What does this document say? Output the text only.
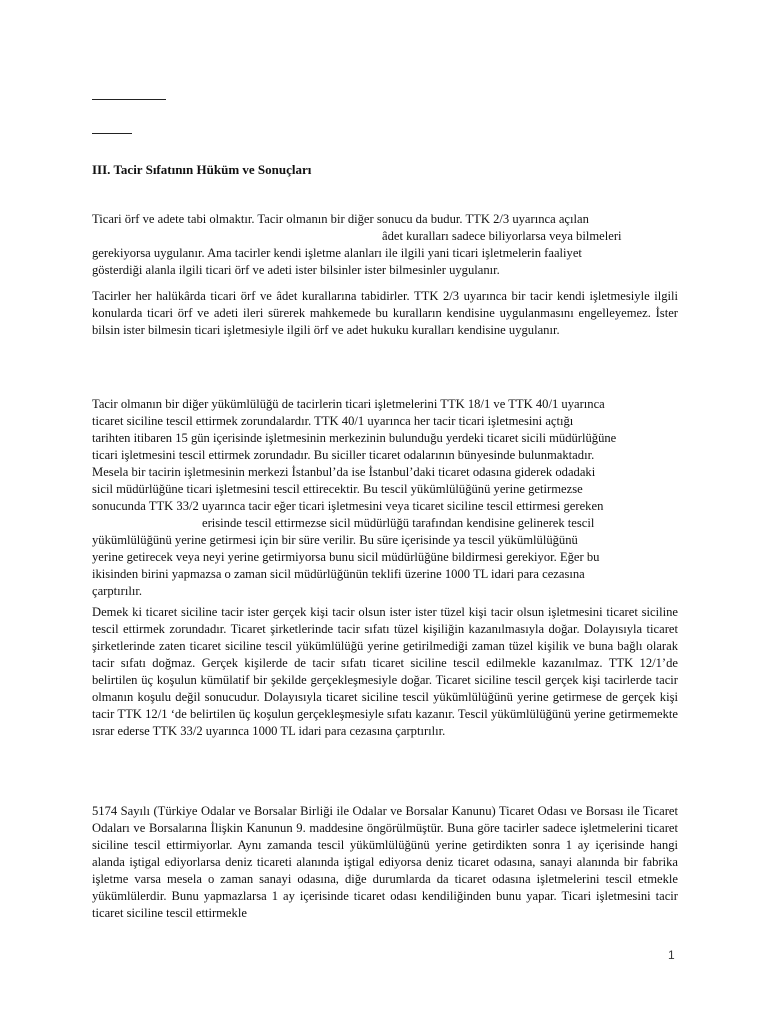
III. Tacir Sıfatının Hüküm ve Sonuçları

Ticari örf ve adete tabi olmaktır. Tacir olmanın bir diğer sonucu da budur. TTK 2/3 uyarınca açılan
âdet kuralları sadece biliyorlarsa veya bilmeleri
gerekiyorsa uygulanır. Ama tacirler kendi işletme alanları ile ilgili yani ticari işletmelerin faaliyet
gösterdiği alanla ilgili ticari örf ve adeti ister bilsinler ister bilmesinler uygulanır.

Tacirler her halükârda ticari örf ve âdet kurallarına tabidirler. TTK 2/3 uyarınca bir tacir kendi işletmesiyle ilgili konularda ticari örf ve adeti ileri sürerek mahkemede bu kuralların kendisine uygulanmasını engelleyemez. İster bilsin ister bilmesin ticari işletmesiyle ilgili örf ve adet hukuku kuralları kendisine uygulanır.

Tacir olmanın bir diğer yükümlülüğü de tacirlerin ticari işletmelerini TTK 18/1 ve TTK 40/1 uyarınca
ticaret siciline tescil ettirmek zorundalardır. TTK 40/1 uyarınca her tacir ticari işletmesini açtığı
tarihten itibaren 15 gün içerisinde işletmesinin merkezinin bulunduğu yerdeki ticaret sicili müdürlüğüne
ticari işletmesini tescil ettirmek zorundadır. Bu siciller ticaret odalarının bünyesinde bulunmaktadır.
Mesela bir tacirin işletmesinin merkezi İstanbul’da ise İstanbul’daki ticaret odasına giderek odadaki
sicil müdürlüğüne ticari işletmesini tescil ettirecektir. Bu tescil yükümlülüğünü yerine getirmezse
sonucunda TTK 33/2 uyarınca tacir eğer ticari işletmesini veya ticaret siciline tescil ettirmesi gereken
erisinde tescil ettirmezse sicil müdürlüğü tarafından kendisine gelinerek tescil
yükümlülüğünü yerine getirmesi için bir süre verilir. Bu süre içerisinde ya tescil yükümlülüğünü
yerine getirecek veya neyi yerine getirmiyorsa bunu sicil müdürlüğüne bildirmesi gerekiyor. Eğer bu
ikisinden birini yapmazsa o zaman sicil müdürlüğünün teklifi üzerine 1000 TL idari para cezasına
çarptırılır.

Demek ki ticaret siciline tacir ister gerçek kişi tacir olsun ister ister tüzel kişi tacir olsun işletmesini ticaret siciline tescil ettirmek zorundadır. Ticaret şirketlerinde tacir sıfatı tüzel kişiliğin kazanılmasıyla doğar. Dolayısıyla ticaret şirketlerinde zaten ticaret siciline tescil yükümlülüğü yerine getirilmediği zaman tüzel kişilik ve buna bağlı olarak tacir sıfatı doğmaz. Gerçek kişilerde de tacir sıfatı ticaret siciline tescil edilmekle kazanılmaz. TTK 12/1’de belirtilen üç koşulun kümülatif bir şekilde gerçekleşmesiyle doğar. Ticaret siciline tescil gerçek kişi tacirlerde tacir olmanın koşulu değil sonucudur. Dolayısıyla ticaret siciline tescil yükümlülüğünü yerine getirmese de gerçek kişi tacir TTK 12/1 ‘de belirtilen üç koşulun gerçekleşmesiyle sıfatı kazanır. Tescil yükümlülüğünü yerine getirmemekte ısrar ederse TTK 33/2 uyarınca 1000 TL idari para cezasına çarptırılır.

5174 Sayılı (Türkiye Odalar ve Borsalar Birliği ile Odalar ve Borsalar Kanunu) Ticaret Odası ve Borsası ile Ticaret Odaları ve Borsalarına İlişkin Kanunun 9. maddesine öngörülmüştür. Buna göre tacirler sadece işletmelerini ticaret siciline tescil ettirmiyorlar. Aynı zamanda tescil yükümlülüğünü yerine getirdikten sonra 1 ay içerisinde hangi alanda iştigal ediyorlarsa deniz ticareti alanında iştigal ediyorsa deniz ticaret odasına, sanayi alanında bir fabrika işletme varsa mesela o zaman sanayi odasına, diğe durumlarda da ticaret odasına işletmelerini tescil etmekle yükümlülerdir. Bunu yapmazlarsa 1 ay içerisinde ticaret odası kendiliğinden bunu yapar. Ticari işletmesini tacir ticaret siciline tescil ettirmekle

1
